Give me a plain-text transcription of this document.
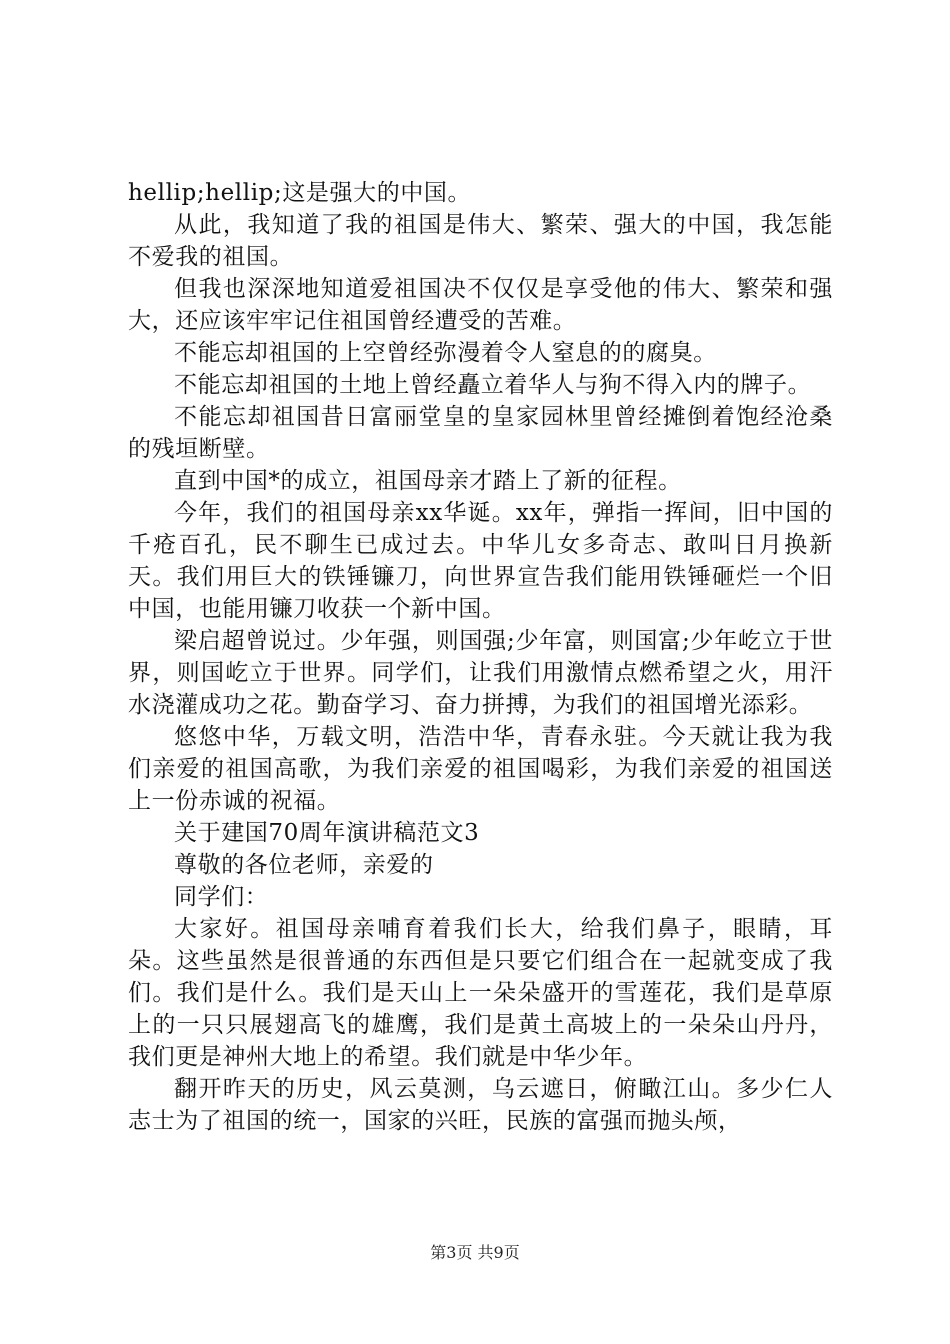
hellip;hellip;这是强大的中国。

从此，我知道了我的祖国是伟大、繁荣、强大的中国，我怎能不爱我的祖国。

但我也深深地知道爱祖国决不仅仅是享受他的伟大、繁荣和强大，还应该牢牢记住祖国曾经遭受的苦难。

不能忘却祖国的上空曾经弥漫着令人窒息的的腐臭。

不能忘却祖国的土地上曾经矗立着华人与狗不得入内的牌子。

不能忘却祖国昔日富丽堂皇的皇家园林里曾经摊倒着饱经沧桑的残垣断壁。

直到中国*的成立，祖国母亲才踏上了新的征程。

今年，我们的祖国母亲xx华诞。xx年，弹指一挥间，旧中国的千疮百孔，民不聊生已成过去。中华儿女多奇志、敢叫日月换新天。我们用巨大的铁锤镰刀，向世界宣告我们能用铁锤砸烂一个旧中国，也能用镰刀收获一个新中国。

梁启超曾说过。少年强，则国强;少年富，则国富;少年屹立于世界，则国屹立于世界。同学们，让我们用激情点燃希望之火，用汗水浇灌成功之花。勤奋学习、奋力拼搏，为我们的祖国增光添彩。

悠悠中华，万载文明，浩浩中华，青春永驻。今天就让我为我们亲爱的祖国高歌，为我们亲爱的祖国喝彩，为我们亲爱的祖国送上一份赤诚的祝福。

关于建国70周年演讲稿范文3

尊敬的各位老师，亲爱的

同学们：

大家好。祖国母亲哺育着我们长大，给我们鼻子，眼睛，耳朵。这些虽然是很普通的东西但是只要它们组合在一起就变成了我们。我们是什么。我们是天山上一朵朵盛开的雪莲花，我们是草原上的一只只展翅高飞的雄鹰，我们是黄土高坡上的一朵朵山丹丹，我们更是神州大地上的希望。我们就是中华少年。

翻开昨天的历史，风云莫测，乌云遮日，俯瞰江山。多少仁人志士为了祖国的统一，国家的兴旺，民族的富强而抛头颅，

第3页 共9页
